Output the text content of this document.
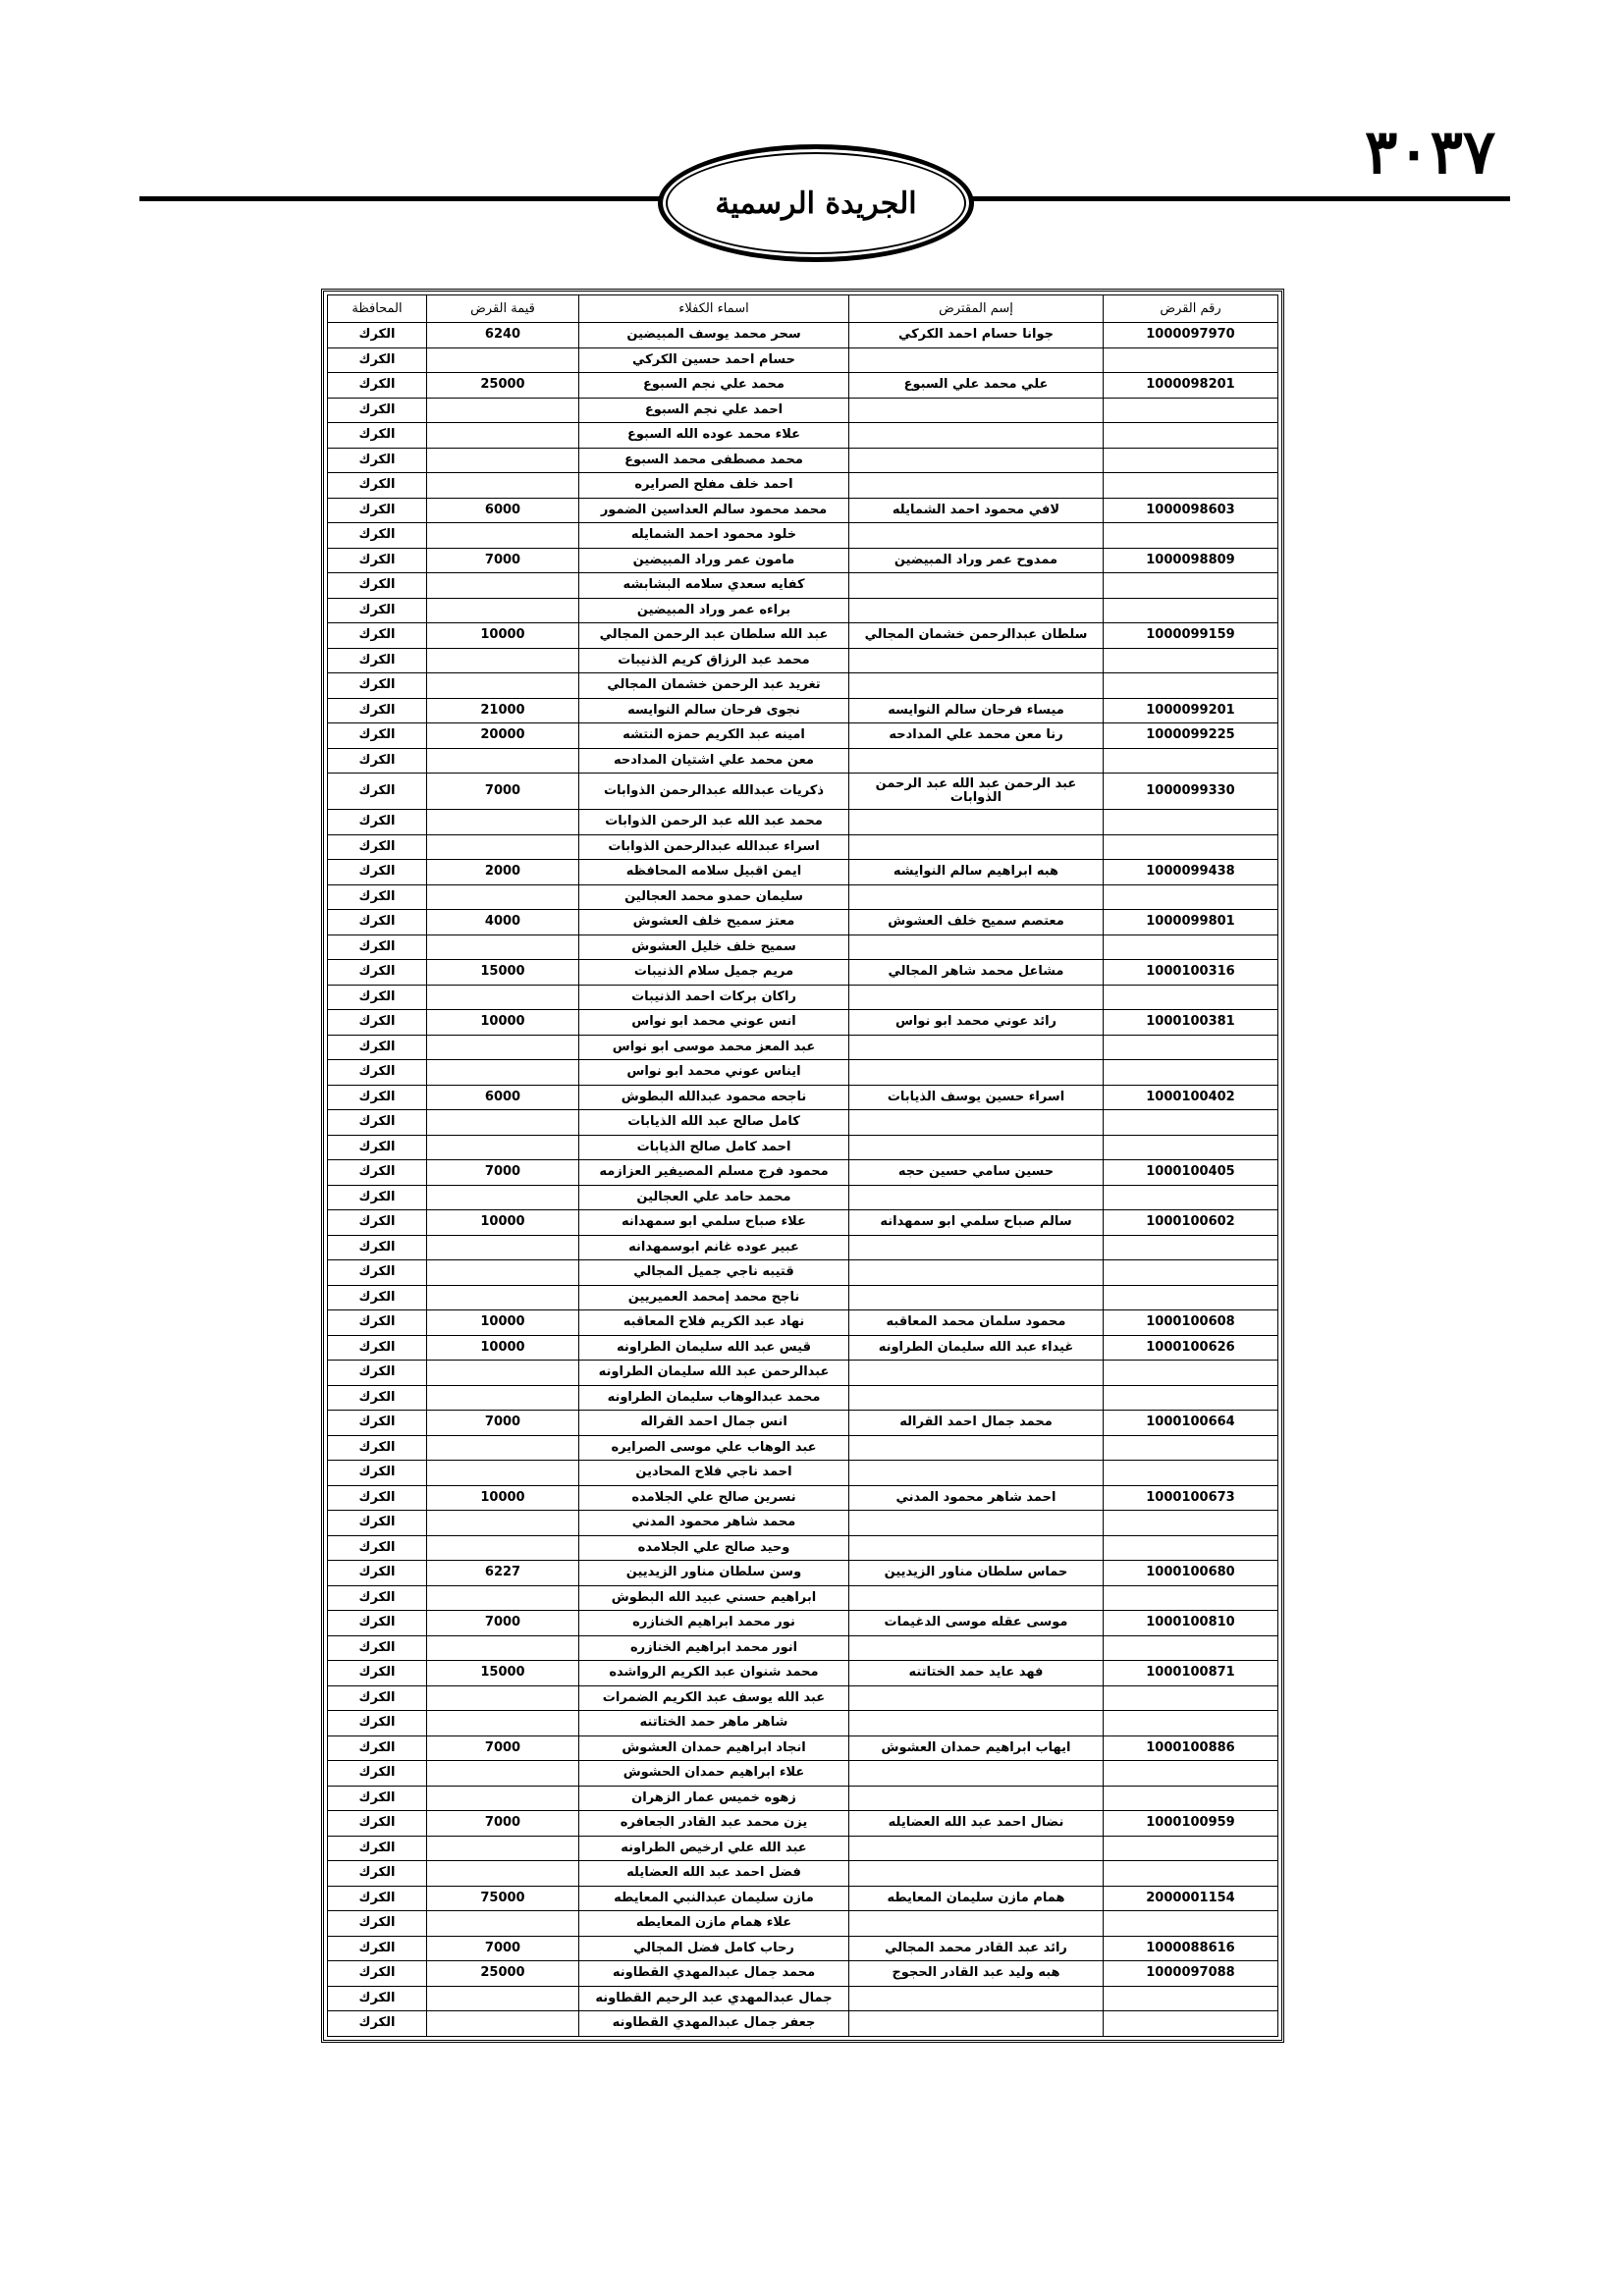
٣٠٣٧
الجريدة الرسمية
رقم القرض	إسم المقترض	اسماء الكفلاء	قيمة القرض	المحافظة
1000097970	جوانا حسام احمد الكركي	سحر محمد يوسف المبيضين	6240	الكرك
		حسام احمد حسين الكركي		الكرك
1000098201	علي محمد علي السبوع	محمد علي نجم السبوع	25000	الكرك
		احمد علي نجم السبوع		الكرك
		علاء محمد عوده الله السبوع		الكرك
		محمد مصطفى محمد السبوع		الكرك
		احمد خلف مفلح الصرايره		الكرك
1000098603	لافي محمود احمد الشمايله	محمد محمود سالم العداسين الضمور	6000	الكرك
		خلود محمود احمد الشمايله		الكرك
1000098809	ممدوح عمر وراد المبيضين	مامون عمر وراد المبيضين	7000	الكرك
		كفايه سعدي سلامه البشابشه		الكرك
		براءه عمر وراد المبيضين		الكرك
1000099159	سلطان عبدالرحمن خشمان المجالي	عبد الله سلطان عبد الرحمن المجالي	10000	الكرك
		محمد عبد الرزاق كريم الذنيبات		الكرك
		تغريد عبد الرحمن خشمان المجالي		الكرك
1000099201	ميساء فرحان سالم النوايسه	نجوى فرحان سالم النوايسه	21000	الكرك
1000099225	رنا معن محمد علي المدادحه	امينه عبد الكريم حمزه النتشه	20000	الكرك
		معن محمد علي اشتيان المدادحه		الكرك
1000099330	عبد الرحمن عبد الله عبد الرحمن الذوابات	ذكريات عبدالله عبدالرحمن الذوابات	7000	الكرك
		محمد عبد الله عبد الرحمن الذوابات		الكرك
		اسراء عبدالله عبدالرحمن الذوابات		الكرك
1000099438	هبه ابراهيم سالم النوايشه	ايمن اقبيل سلامه المحافظه	2000	الكرك
		سليمان حمدو محمد العجالين		الكرك
1000099801	معتصم سميح خلف العشوش	معتز سميح خلف العشوش	4000	الكرك
		سميح خلف خليل العشوش		الكرك
1000100316	مشاعل محمد شاهر المجالي	مريم جميل سلام الذنيبات	15000	الكرك
		راكان بركات احمد الذنيبات		الكرك
1000100381	رائد عوني محمد ابو نواس	انس عوني محمد ابو نواس	10000	الكرك
		عبد المعز محمد موسى ابو نواس		الكرك
		ايناس عوني محمد ابو نواس		الكرك
1000100402	اسراء حسين يوسف الذيابات	ناجحه محمود عبدالله البطوش	6000	الكرك
		كامل صالح عبد الله الذيابات		الكرك
		احمد كامل صالح الذيابات		الكرك
1000100405	حسين سامي حسين حجه	محمود فرج مسلم المصيفير العزازمه	7000	الكرك
		محمد حامد علي العجالين		الكرك
1000100602	سالم صباح سلمي ابو سمهدانه	علاء صباح سلمي ابو سمهدانه	10000	الكرك
		عبير عوده غانم ابوسمهدانه		الكرك
		قتيبه ناجي جميل المجالي		الكرك
		ناجح محمد إمحمد العميريين		الكرك
1000100608	محمود سلمان محمد المعاقبه	نهاد عبد الكريم فلاح المعاقبه	10000	الكرك
1000100626	غيداء عبد الله سليمان الطراونه	قيس عبد الله سليمان الطراونه	10000	الكرك
		عبدالرحمن عبد الله سليمان الطراونه		الكرك
		محمد عبدالوهاب سليمان الطراونه		الكرك
1000100664	محمد جمال احمد القراله	انس جمال احمد القراله	7000	الكرك
		عبد الوهاب علي موسى الصرايره		الكرك
		احمد ناجي فلاح المحادين		الكرك
1000100673	احمد شاهر محمود المدني	نسرين صالح علي الجلامده	10000	الكرك
		محمد شاهر محمود المدني		الكرك
		وحيد صالح علي الجلامده		الكرك
1000100680	حماس سلطان مناور الزيديين	وسن سلطان مناور الزيديين	6227	الكرك
		ابراهيم حسني عبيد الله البطوش		الكرك
1000100810	موسى عقله موسى الدغيمات	نور محمد ابراهيم الخنازره	7000	الكرك
		انور محمد ابراهيم الخنازره		الكرك
1000100871	فهد عايد حمد الختاتنه	محمد شنوان عبد الكريم الرواشده	15000	الكرك
		عبد الله يوسف عبد الكريم الضمرات		الكرك
		شاهر ماهر حمد الختاتنه		الكرك
1000100886	ايهاب ابراهيم حمدان العشوش	انجاد ابراهيم حمدان العشوش	7000	الكرك
		علاء ابراهيم حمدان الحشوش		الكرك
		زهوه خميس عمار الزهران		الكرك
1000100959	نضال احمد عبد الله العضايله	يزن محمد عبد القادر الجعافره	7000	الكرك
		عبد الله علي ارخيص الطراونه		الكرك
		فضل احمد عبد الله العضايله		الكرك
2000001154	همام مازن سليمان المعايطه	مازن سليمان عبدالنبي المعايطه	75000	الكرك
		علاء همام مازن المعايطه		الكرك
1000088616	رائد عبد القادر محمد المجالي	رحاب كامل فضل المجالي	7000	الكرك
1000097088	هبه وليد عبد القادر الحجوج	محمد جمال عبدالمهدي القطاونه	25000	الكرك
		جمال عبدالمهدي عبد الرحيم القطاونه		الكرك
		جعفر جمال عبدالمهدي القطاونه		الكرك
